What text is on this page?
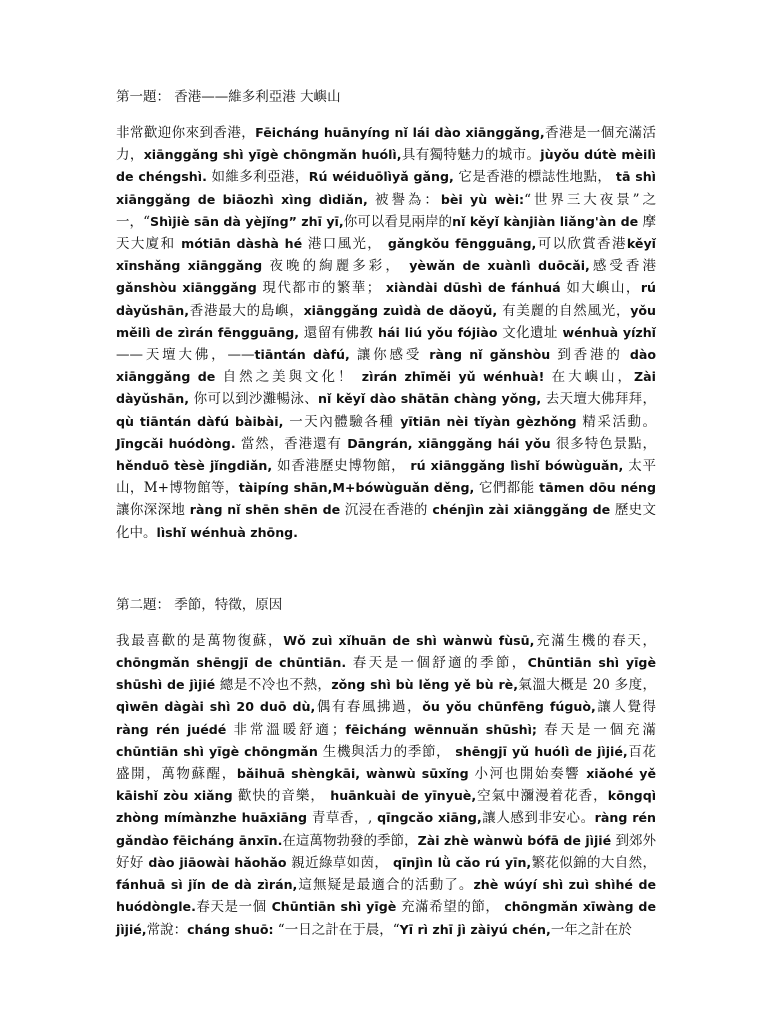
第一題： 香港——維多利亞港 大嶼山

非常歡迎你來到香港，Fēicháng huānyíng nǐ lái dào xiānggǎng,香港是一個充滿活力，xiānggǎng shì yīgè chōngmǎn huólì,具有獨特魅力的城市。jùyǒu dútè mèilì de chéngshì. 如維多利亞港，Rú wéiduōlìyǎ gǎng, 它是香港的標誌性地點， tā shì xiānggǎng de biāozhì xìng dìdiǎn, 被譽為：bèi yù wèi:“世界三大夜景”之一，“Shìjiè sān dà yèjǐng” zhī yī,你可以看見兩岸的nǐ kěyǐ kànjiàn liǎng'àn de 摩天大廈和 mótiān dàshà hé 港口風光， gǎngkǒu fēngguāng,可以欣賞香港kěyǐ xīnshǎng xiānggǎng 夜晚的絢麗多彩， yèwǎn de xuànlì duōcǎi,感受香港gǎnshòu xiānggǎng 現代都市的繁華； xiàndài dūshì de fánhuá 如大嶼山，rú dàyǔshān,香港最大的島嶼，xiānggǎng zuìdà de dǎoyǔ, 有美麗的自然風光，yǒu měilì de zìrán fēngguāng, 還留有佛教 hái liú yǒu fójiào 文化遺址 wénhuà yízhǐ——天壇大佛，——tiāntán dàfú, 讓你感受 ràng nǐ gǎnshòu 到香港的 dào xiānggǎng de 自然之美與文化！ zìrán zhīměi yǔ wénhuà! 在大嶼山，Zài dàyǔshān, 你可以到沙灘暢泳、nǐ kěyǐ dào shātān chàng yǒng, 去天壇大佛拜拜，qù tiāntán dàfú bàibài, 一天內體驗各種 yītiān nèi tǐyàn gèzhǒng 精采活動。 Jīngcǎi huódòng. 當然，香港還有 Dāngrán, xiānggǎng hái yǒu 很多特色景點，hěnduō tèsè jǐngdiǎn, 如香港歷史博物館， rú xiānggǎng lìshǐ bówùguǎn, 太平山，M+博物館等，tàipíng shān,M+bówùguǎn děng, 它們都能 tāmen dōu néng 讓你深深地 ràng nǐ shēn shēn de 沉浸在香港的 chénjìn zài xiānggǎng de 歷史文化中。lìshǐ wénhuà zhōng.

第二題： 季節，特徵，原因

我最喜歡的是萬物復蘇，Wǒ zuì xǐhuān de shì wànwù fùsū,充滿生機的春天，chōngmǎn shēngjī de chūntiān. 春天是一個舒適的季節，Chūntiān shì yīgè shūshì de jìjié 總是不冷也不熱，zǒng shì bù lěng yě bù rè,氣溫大概是 20 多度，qìwēn dàgài shì 20 duō dù,偶有春風拂過，ǒu yǒu chūnfēng fúguò,讓人覺得 ràng rén juédé 非常溫暖舒適；fēicháng wēnnuǎn shūshì; 春天是一個充滿 chūntiān shì yīgè chōngmǎn 生機與活力的季節， shēngjī yǔ huólì de jìjié,百花盛開，萬物蘇醒，bǎihuā shèngkāi, wànwù sūxǐng 小河也開始奏響 xiǎohé yě kāishǐ zòu xiǎng 歡快的音樂， huānkuài de yīnyuè,空氣中瀰漫着花香，kōngqì zhòng mímànzhe huāxiāng 青草香，, qīngcǎo xiāng,讓人感到非安心。ràng rén gǎndào fēicháng ānxīn.在這萬物勃發的季節，Zài zhè wànwù bófā de jìjié 到郊外好好 dào jiāowài hǎohǎo 親近綠草如茵， qīnjìn lǜ cǎo rú yīn,繁花似錦的大自然，fánhuā sì jǐn de dà zìrán,這無疑是最適合的活動了。zhè wúyí shì zuì shìhé de huódòngle.春天是一個 Chūntiān shì yīgè 充滿希望的節， chōngmǎn xīwàng de jìjié,常說：cháng shuō: “一日之計在于晨，“Yī rì zhī jì zàiyú chén,一年之計在於
